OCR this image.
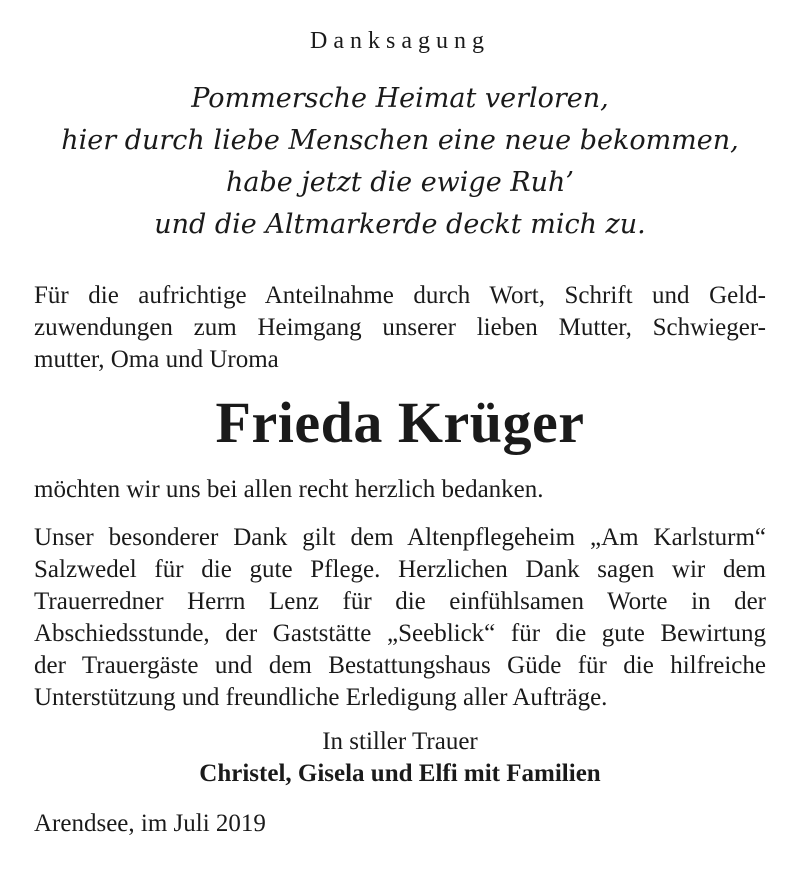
Danksagung
Pommersche Heimat verloren,
hier durch liebe Menschen eine neue bekommen,
habe jetzt die ewige Ruh’
und die Altmarkerde deckt mich zu.
Für die aufrichtige Anteilnahme durch Wort, Schrift und Geld-
zuwendungen zum Heimgang unserer lieben Mutter, Schwieger-
mutter, Oma und Uroma
Frieda Krüger
möchten wir uns bei allen recht herzlich bedanken.
Unser besonderer Dank gilt dem Altenpflegeheim „Am Karlsturm“
Salzwedel für die gute Pflege. Herzlichen Dank sagen wir dem
Trauerredner Herrn Lenz für die einfühlsamen Worte in der
Abschiedsstunde, der Gaststätte „Seeblick“ für die gute Bewirtung
der Trauergäste und dem Bestattungshaus Güde für die hilfreiche
Unterstützung und freundliche Erledigung aller Aufträge.
In stiller Trauer
Christel, Gisela und Elfi mit Familien
Arendsee, im Juli 2019
